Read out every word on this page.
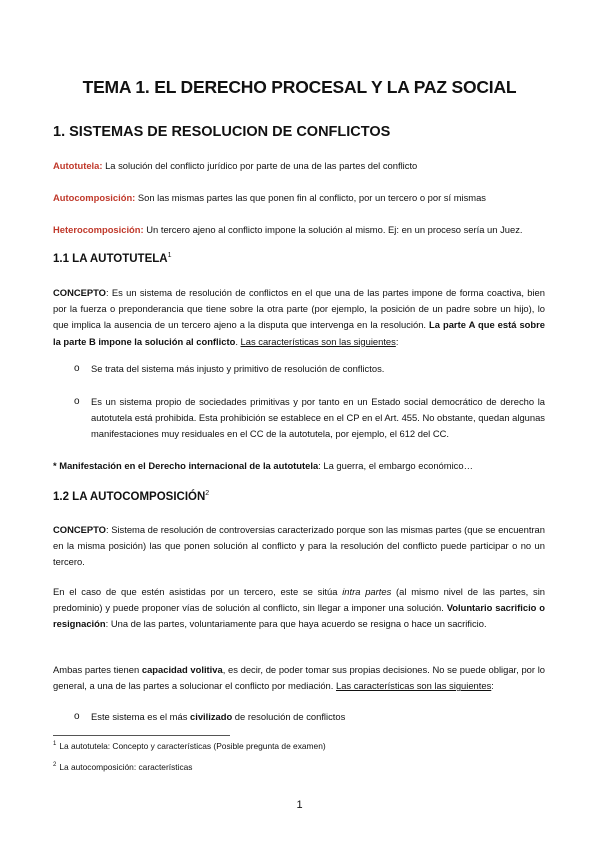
TEMA 1. EL DERECHO PROCESAL Y LA PAZ SOCIAL
1. SISTEMAS DE RESOLUCION DE CONFLICTOS
Autotutela: La solución del conflicto jurídico por parte de una de las partes del conflicto
Autocomposición: Son las mismas partes las que ponen fin al conflicto, por un tercero o por sí mismas
Heterocomposición: Un tercero ajeno al conflicto impone la solución al mismo. Ej: en un proceso sería un Juez.
1.1 LA AUTOTUTELA$^1$
CONCEPTO: Es un sistema de resolución de conflictos en el que una de las partes impone de forma coactiva, bien por la fuerza o preponderancia que tiene sobre la otra parte (por ejemplo, la posición de un padre sobre un hijo), lo que implica la ausencia de un tercero ajeno a la disputa que intervenga en la resolución. La parte A que está sobre la parte B impone la solución al conflicto. Las características son las siguientes:
o Se trata del sistema más injusto y primitivo de resolución de conflictos.
o Es un sistema propio de sociedades primitivas y por tanto en un Estado social democrático de derecho la autotutela está prohibida. Esta prohibición se establece en el CP en el Art. 455. No obstante, quedan algunas manifestaciones muy residuales en el CC de la autotutela, por ejemplo, el 612 del CC.
* Manifestación en el Derecho internacional de la autotutela: La guerra, el embargo económico…
1.2 LA AUTOCOMPOSICIÓN$^2$
CONCEPTO: Sistema de resolución de controversias caracterizado porque son las mismas partes (que se encuentran en la misma posición) las que ponen solución al conflicto y para la resolución del conflicto puede participar o no un tercero.
En el caso de que estén asistidas por un tercero, este se sitúa intra partes (al mismo nivel de las partes, sin predominio) y puede proponer vías de solución al conflicto, sin llegar a imponer una solución. Voluntario sacrificio o resignación: Una de las partes, voluntariamente para que haya acuerdo se resigna o hace un sacrificio.
Ambas partes tienen capacidad volitiva, es decir, de poder tomar sus propias decisiones. No se puede obligar, por lo general, a una de las partes a solucionar el conflicto por mediación. Las características son las siguientes:
o Este sistema es el más civilizado de resolución de conflictos
$^1$ La autotutela: Concepto y características (Posible pregunta de examen)
$^2$ La autocomposición: características
1
